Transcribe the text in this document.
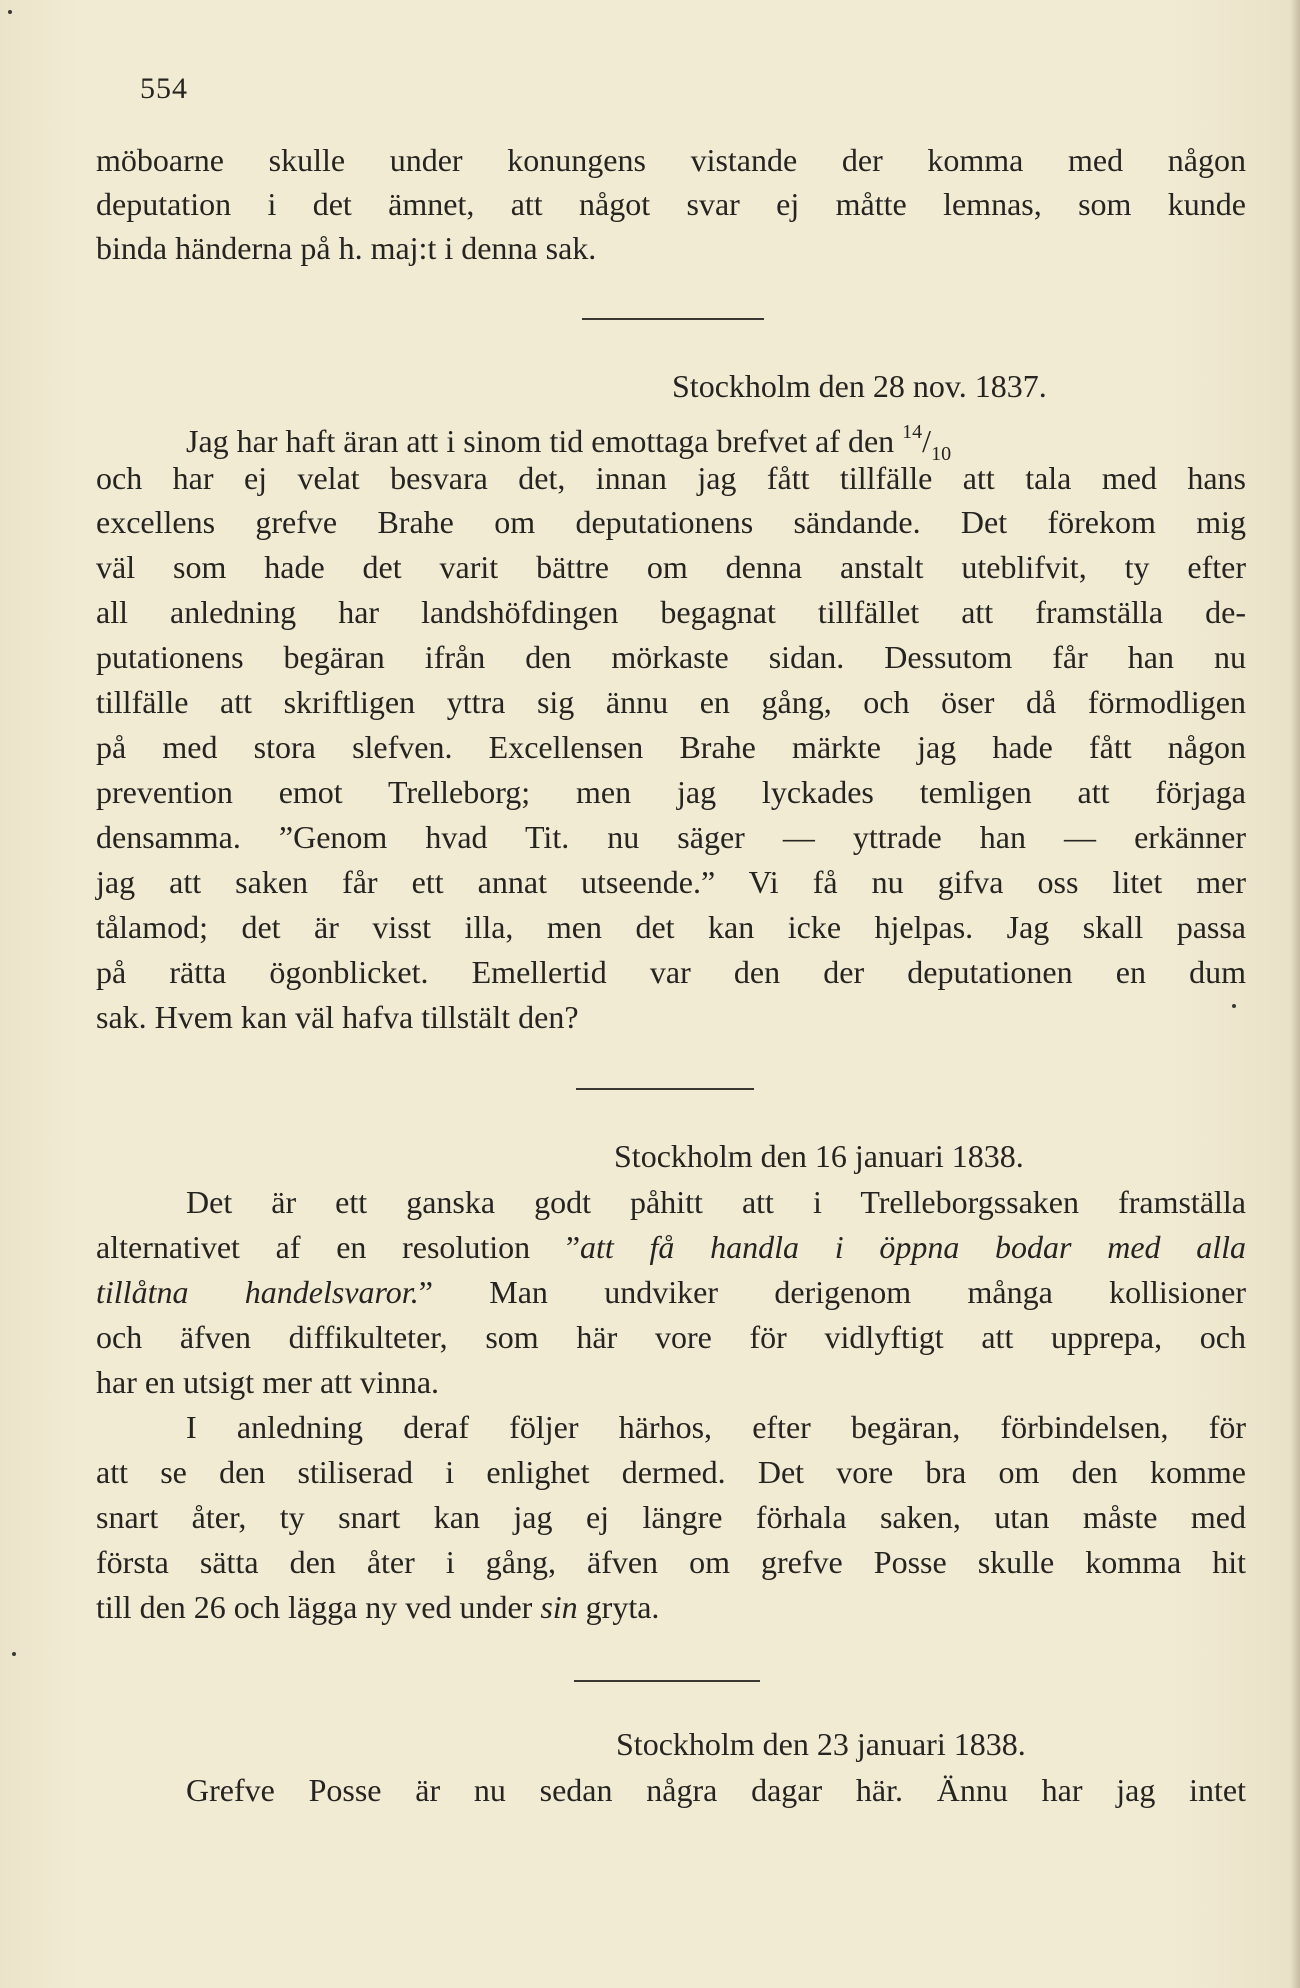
554
möboarne skulle under konungens vistande der komma med någon
deputation i det ämnet, att något svar ej måtte lemnas, som kunde
binda händerna på h. maj:t i denna sak.
Stockholm den 28 nov. 1837.
Jag har haft äran att i sinom tid emottaga brefvet af den $^{14}/_{10}$
och har ej velat besvara det, innan jag fått tillfälle att tala med hans
excellens grefve Brahe om deputationens sändande. Det förekom mig
väl som hade det varit bättre om denna anstalt uteblifvit, ty efter
all anledning har landshöfdingen begagnat tillfället att framställa de-
putationens begäran ifrån den mörkaste sidan. Dessutom får han nu
tillfälle att skriftligen yttra sig ännu en gång, och öser då förmodligen
på med stora slefven. Excellensen Brahe märkte jag hade fått någon
prevention emot Trelleborg; men jag lyckades temligen att förjaga
densamma. ”Genom hvad Tit. nu säger — yttrade han — erkänner
jag att saken får ett annat utseende.” Vi få nu gifva oss litet mer
tålamod; det är visst illa, men det kan icke hjelpas. Jag skall passa
på rätta ögonblicket. Emellertid var den der deputationen en dum
sak. Hvem kan väl hafva tillstält den?
Stockholm den 16 januari 1838.
Det är ett ganska godt påhitt att i Trelleborgssaken framställa
alternativet af en resolution ”att få handla i öppna bodar med alla
tillåtna handelsvaror.” Man undviker derigenom många kollisioner
och äfven diffikulteter, som här vore för vidlyftigt att upprepa, och
har en utsigt mer att vinna.
I anledning deraf följer härhos, efter begäran, förbindelsen, för
att se den stiliserad i enlighet dermed. Det vore bra om den komme
snart åter, ty snart kan jag ej längre förhala saken, utan måste med
första sätta den åter i gång, äfven om grefve Posse skulle komma hit
till den 26 och lägga ny ved under sin gryta.
Stockholm den 23 januari 1838.
Grefve Posse är nu sedan några dagar här. Ännu har jag intet
